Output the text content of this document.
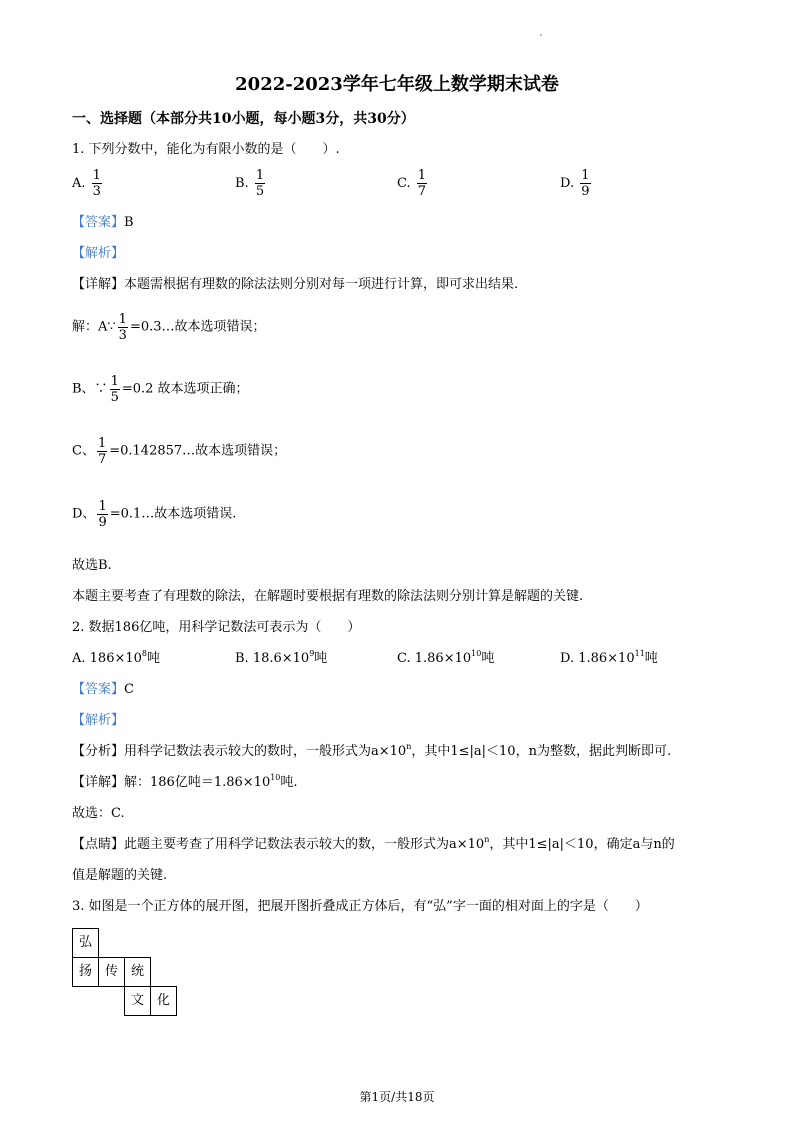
2022-2023学年七年级上数学期末试卷
一、选择题（本部分共10小题，每小题3分，共30分）
1. 下列分数中，能化为有限小数的是（　　）.
A. $\frac{1}{3}$	B. $\frac{1}{5}$	C. $\frac{1}{7}$	D. $\frac{1}{9}$
【答案】B
【解析】
【详解】本题需根据有理数的除法法则分别对每一项进行计算，即可求出结果.
解：A∵ $\frac{1}{3}$ =0.3…故本选项错误；
B、∵ $\frac{1}{5} =0.2$ 故本选项正确；
C、 $\frac{1}{7}$ =0.142857…故本选项错误；
D、 $\frac{1}{9}$ =0.1…故本选项错误.
故选B.
本题主要考查了有理数的除法，在解题时要根据有理数的除法法则分别计算是解题的关键.
2. 数据186亿吨，用科学记数法可表示为（　　）
A. $186\times 10^8$吨	B. $18.6\times 10^9$吨	C. $1.86\times 10^{10}$吨	D. $1.86\times 10^{11}$吨
【答案】C
【解析】
【分析】用科学记数法表示较大的数时，一般形式为$a\times 10^n$，其中1≤|a|＜10，n为整数，据此判断即可.
【详解】解：186亿吨$=1.86\times 10^{10}$吨.
故选：C.
【点睛】此题主要考查了用科学记数法表示较大的数，一般形式为$a\times 10^n$，其中1≤|a|＜10，确定a与n的
值是解题的关键.
3. 如图是一个正方体的展开图，把展开图折叠成正方体后，有“弘”字一面的相对面上的字是（　　）
弘
扬 传 统
文 化
第1页/共18页
